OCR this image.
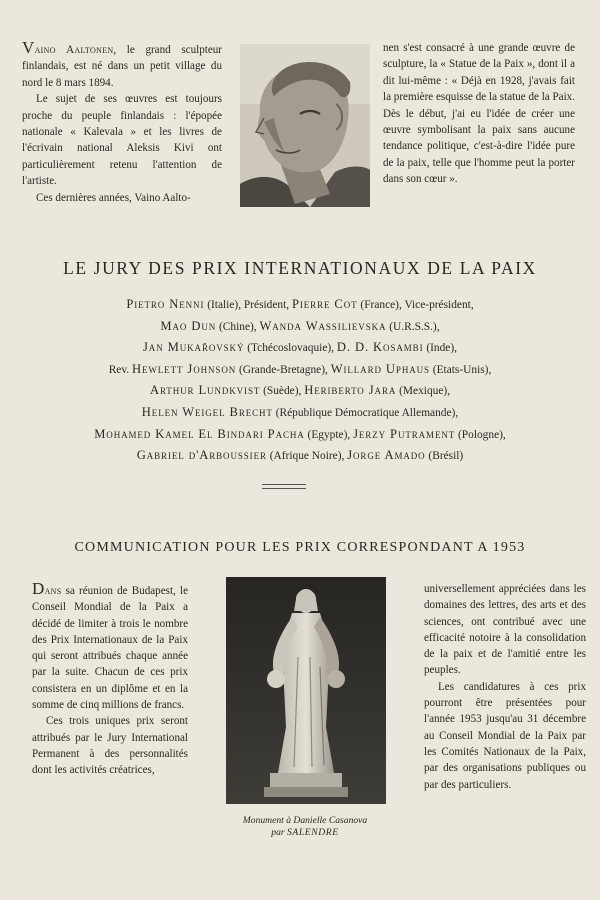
Vaino Aaltonen, le grand sculpteur finlandais, est né dans un petit village du nord le 8 mars 1894.

Le sujet de ses œuvres est toujours proche du peuple finlandais : l'épopée nationale « Kalevala » et les livres de l'écrivain national Aleksis Kivi ont particulièrement retenu l'attention de l'artiste.

Ces dernières années, Vaino Aalto-

nen s'est consacré à une grande œuvre de sculpture, la « Statue de la Paix », dont il a dit lui-même : « Déjà en 1928, j'avais fait la première esquisse de la statue de la Paix. Dès le début, j'ai eu l'idée de créer une œuvre symbolisant la paix sans aucune tendance politique, c'est-à-dire l'idée pure de la paix, telle que l'homme peut la porter dans son cœur ».

LE JURY DES PRIX INTERNATIONAUX DE LA PAIX
Pietro Nenni (Italie), Président, Pierre Cot (France), Vice-président,
Mao Dun (Chine), Wanda Wassilievska (U.R.S.S.),
Jan Mukařovský (Tchécoslovaquie), D. D. Kosambi (Inde),
Rev. Hewlett Johnson (Grande-Bretagne), Willard Uphaus (Etats-Unis),
Arthur Lundkvist (Suède), Heriberto Jara (Mexique),
Helen Weigel Brecht (République Démocratique Allemande),
Mohamed Kamel El Bindari Pacha (Egypte), Jerzy Putrament (Pologne),
Gabriel d'Arboussier (Afrique Noire), Jorge Amado (Brésil)
COMMUNICATION POUR LES PRIX CORRESPONDANT A 1953

Dans sa réunion de Budapest, le Conseil Mondial de la Paix a décidé de limiter à trois le nombre des Prix Internationaux de la Paix qui seront attribués chaque année par la suite. Chacun de ces prix consistera en un diplôme et en la somme de cinq millions de francs.

Ces trois uniques prix seront attribués par le Jury International Permanent à des personnalités dont les activités créatrices,

Monument à Danielle Casanova
par SALENDRE

universellement appréciées dans les domaines des lettres, des arts et des sciences, ont contribué avec une efficacité notoire à la consolidation de la paix et de l'amitié entre les peuples.

Les candidatures à ces prix pourront être présentées pour l'année 1953 jusqu'au 31 décembre au Conseil Mondial de la Paix par les Comités Nationaux de la Paix, par des organisations publiques ou par des particuliers.
